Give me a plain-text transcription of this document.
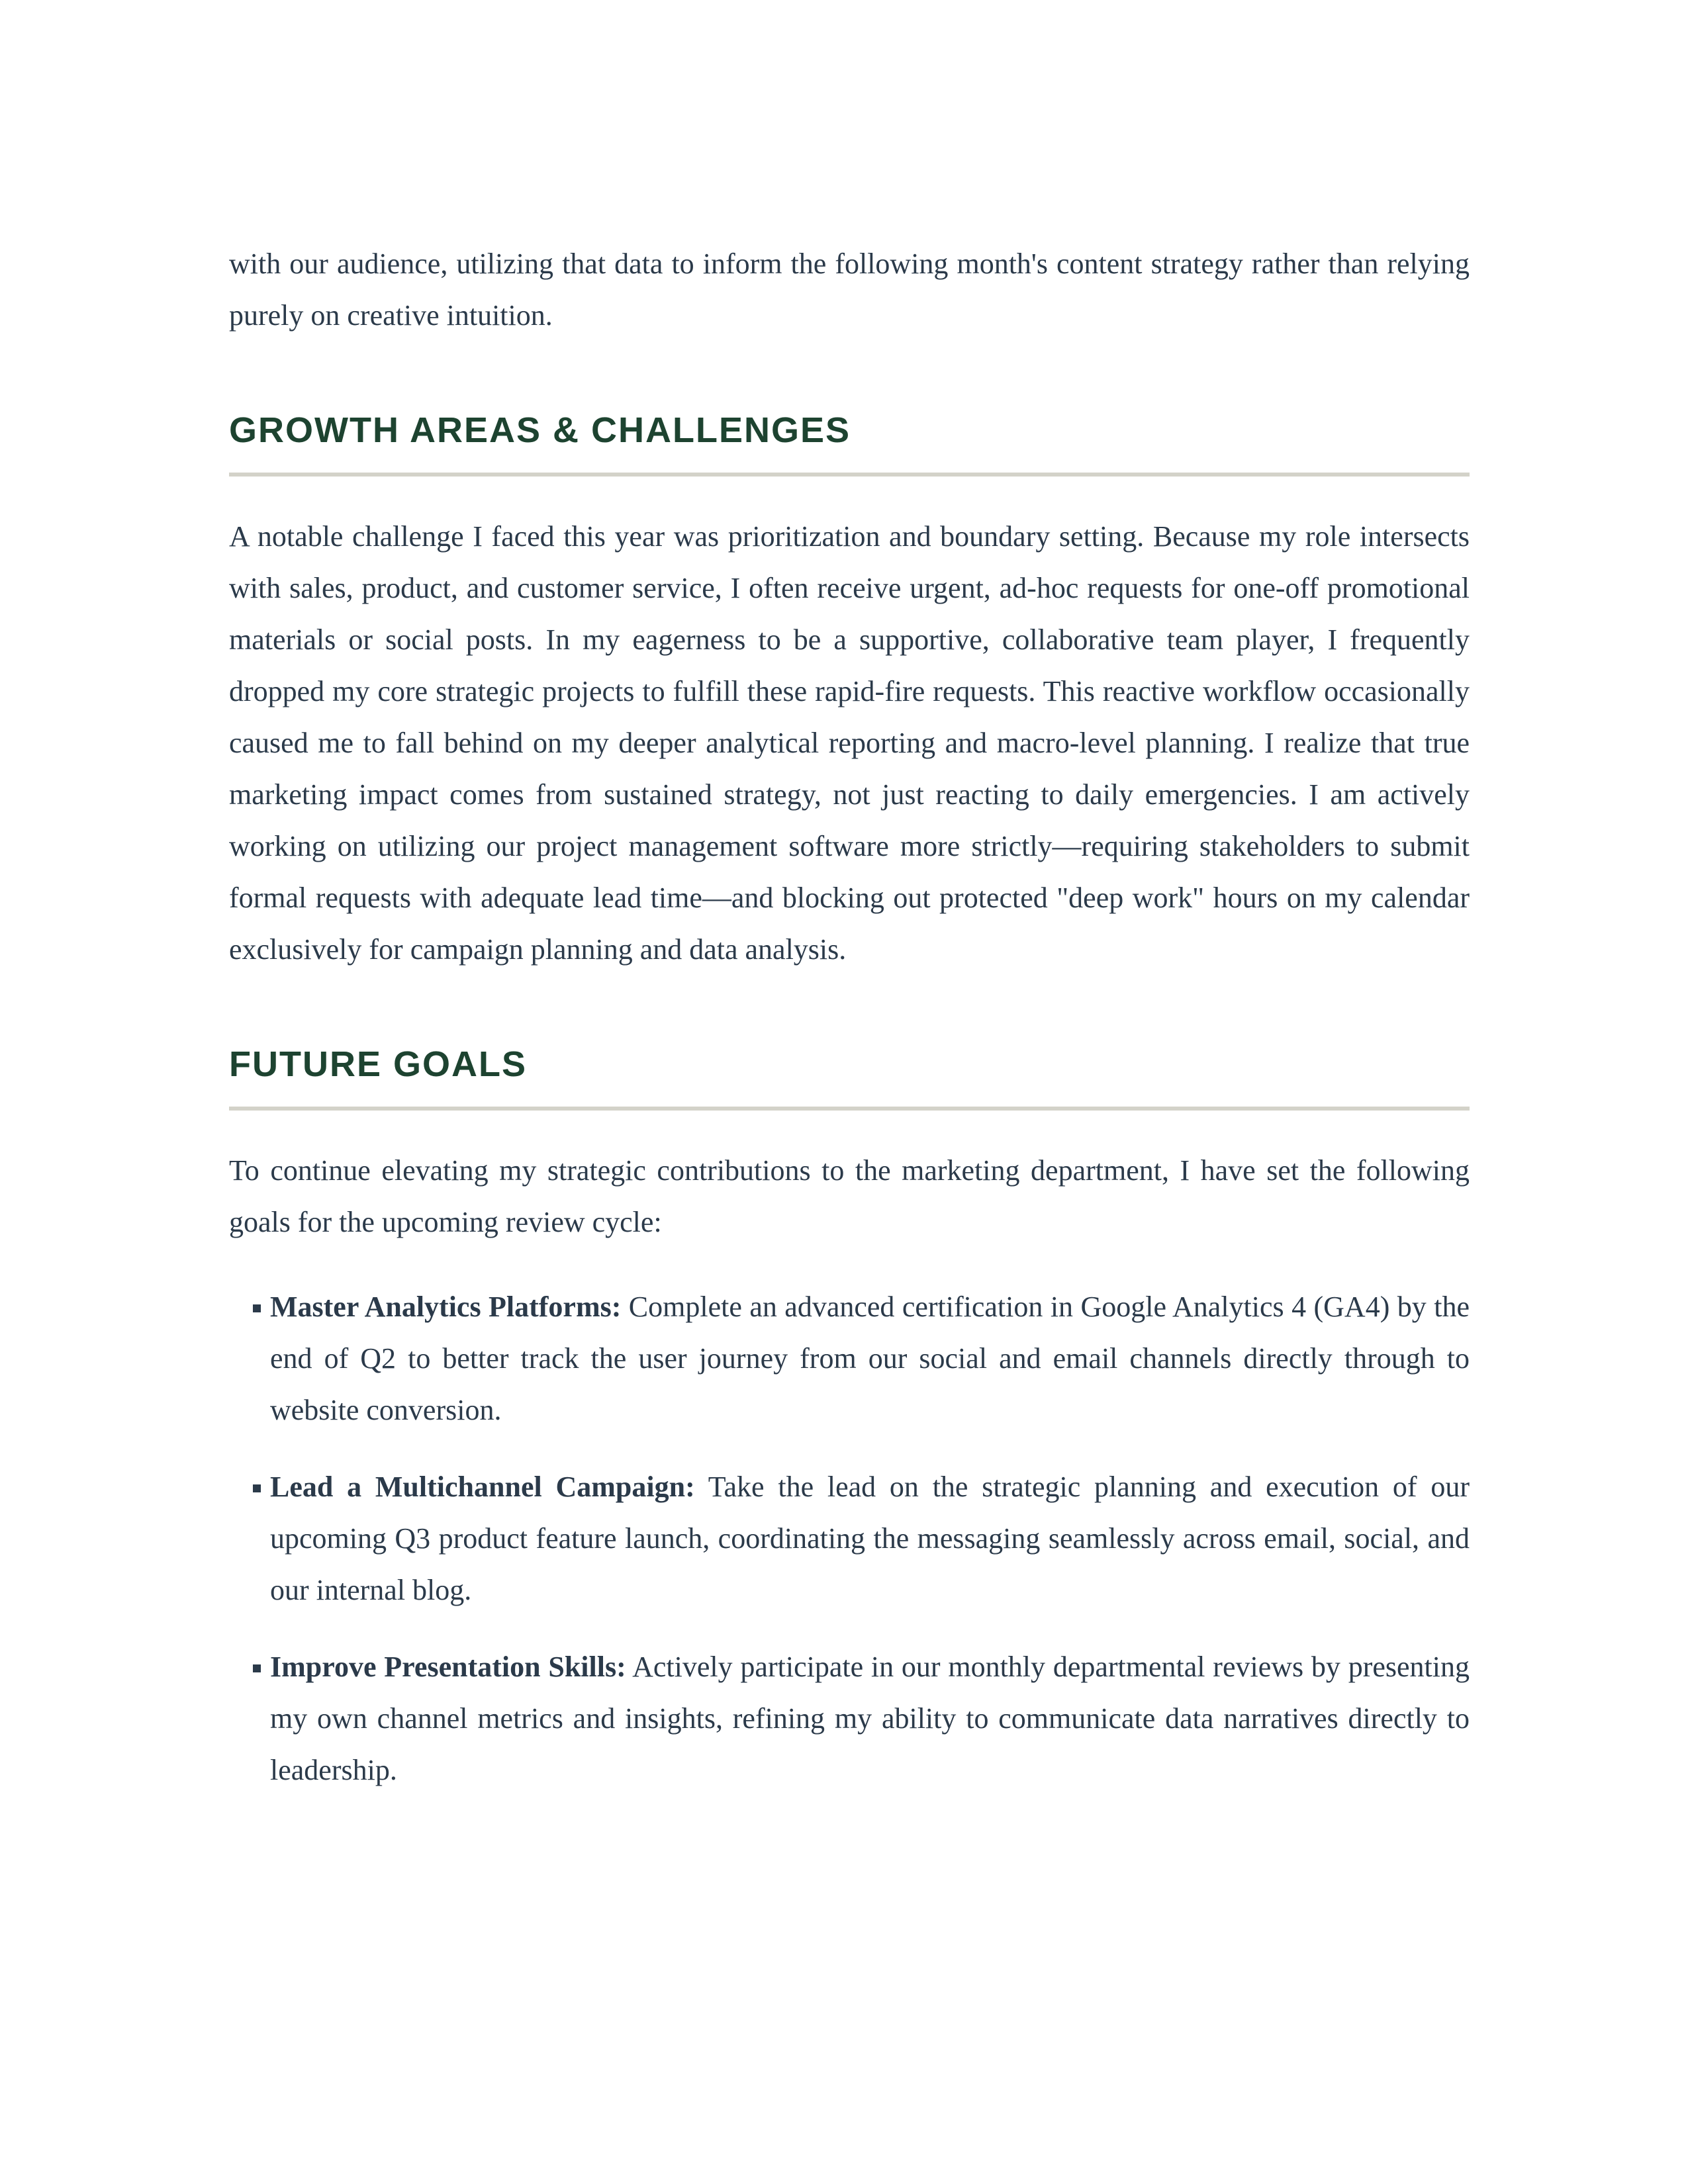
with our audience, utilizing that data to inform the following month's content strategy rather than relying purely on creative intuition.

GROWTH AREAS & CHALLENGES

A notable challenge I faced this year was prioritization and boundary setting. Because my role intersects with sales, product, and customer service, I often receive urgent, ad-hoc requests for one-off promotional materials or social posts. In my eagerness to be a supportive, collaborative team player, I frequently dropped my core strategic projects to fulfill these rapid-fire requests. This reactive workflow occasionally caused me to fall behind on my deeper analytical reporting and macro-level planning. I realize that true marketing impact comes from sustained strategy, not just reacting to daily emergencies. I am actively working on utilizing our project management software more strictly—requiring stakeholders to submit formal requests with adequate lead time—and blocking out protected "deep work" hours on my calendar exclusively for campaign planning and data analysis.

FUTURE GOALS

To continue elevating my strategic contributions to the marketing department, I have set the following goals for the upcoming review cycle:

Master Analytics Platforms: Complete an advanced certification in Google Analytics 4 (GA4) by the end of Q2 to better track the user journey from our social and email channels directly through to website conversion.
Lead a Multichannel Campaign: Take the lead on the strategic planning and execution of our upcoming Q3 product feature launch, coordinating the messaging seamlessly across email, social, and our internal blog.
Improve Presentation Skills: Actively participate in our monthly departmental reviews by presenting my own channel metrics and insights, refining my ability to communicate data narratives directly to leadership.
